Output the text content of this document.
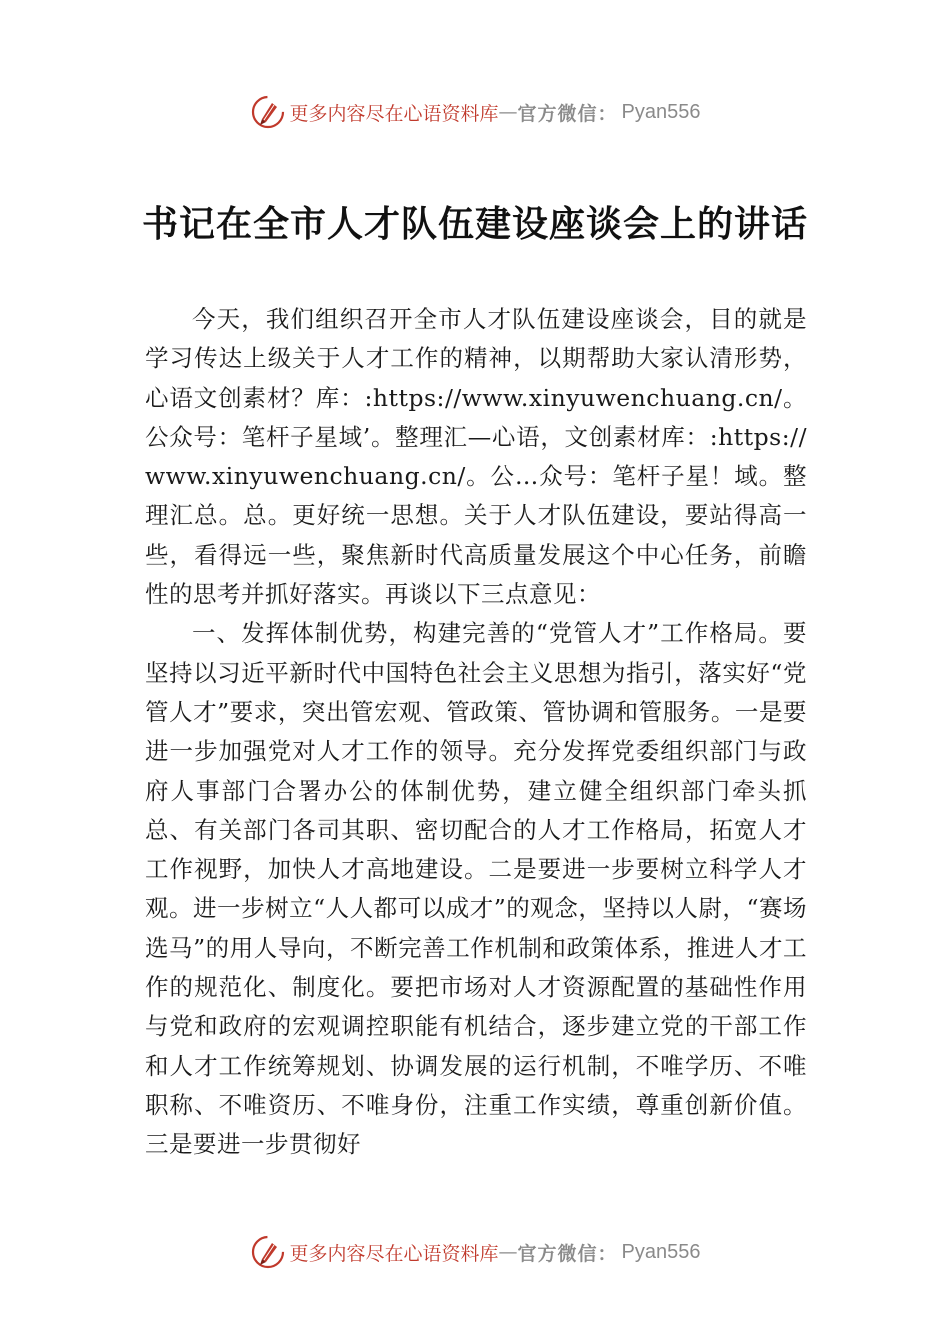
更多内容尽在心语资料库 — 官方微信： Pyan556
书记在全市人才队伍建设座谈会上的讲话

今天，我们组织召开全市人才队伍建设座谈会，目的就是学习传达上级关于人才工作的精神，以期帮助大家认清形势，心语文创素材？库：:https://www.xinyuwenchuang.cn/。公众号：笔杆子星域’。整理汇—心语，文创素材库：:https://www.xinyuwenchuang.cn/。公…众号：笔杆子星！域。整理汇总。总。更好统一思想。关于人才队伍建设，要站得高一些，看得远一些，聚焦新时代高质量发展这个中心任务，前瞻性的思考并抓好落实。再谈以下三点意见：

一、发挥体制优势，构建完善的“党管人才”工作格局。要坚持以习近平新时代中国特色社会主义思想为指引，落实好“党管人才”要求，突出管宏观、管政策、管协调和管服务。一是要进一步加强党对人才工作的领导。充分发挥党委组织部门与政府人事部门合署办公的体制优势，建立健全组织部门牵头抓总、有关部门各司其职、密切配合的人才工作格局，拓宽人才工作视野，加快人才高地建设。二是要进一步要树立科学人才观。进一步树立“人人都可以成才”的观念，坚持以人尉，“赛场选马”的用人导向，不断完善工作机制和政策体系，推进人才工作的规范化、制度化。要把市场对人才资源配置的基础性作用与党和政府的宏观调控职能有机结合，逐步建立党的干部工作和人才工作统筹规划、协调发展的运行机制，不唯学历、不唯职称、不唯资历、不唯身份，注重工作实绩，尊重创新价值。三是要进一步贯彻好

更多内容尽在心语资料库 — 官方微信： Pyan556
